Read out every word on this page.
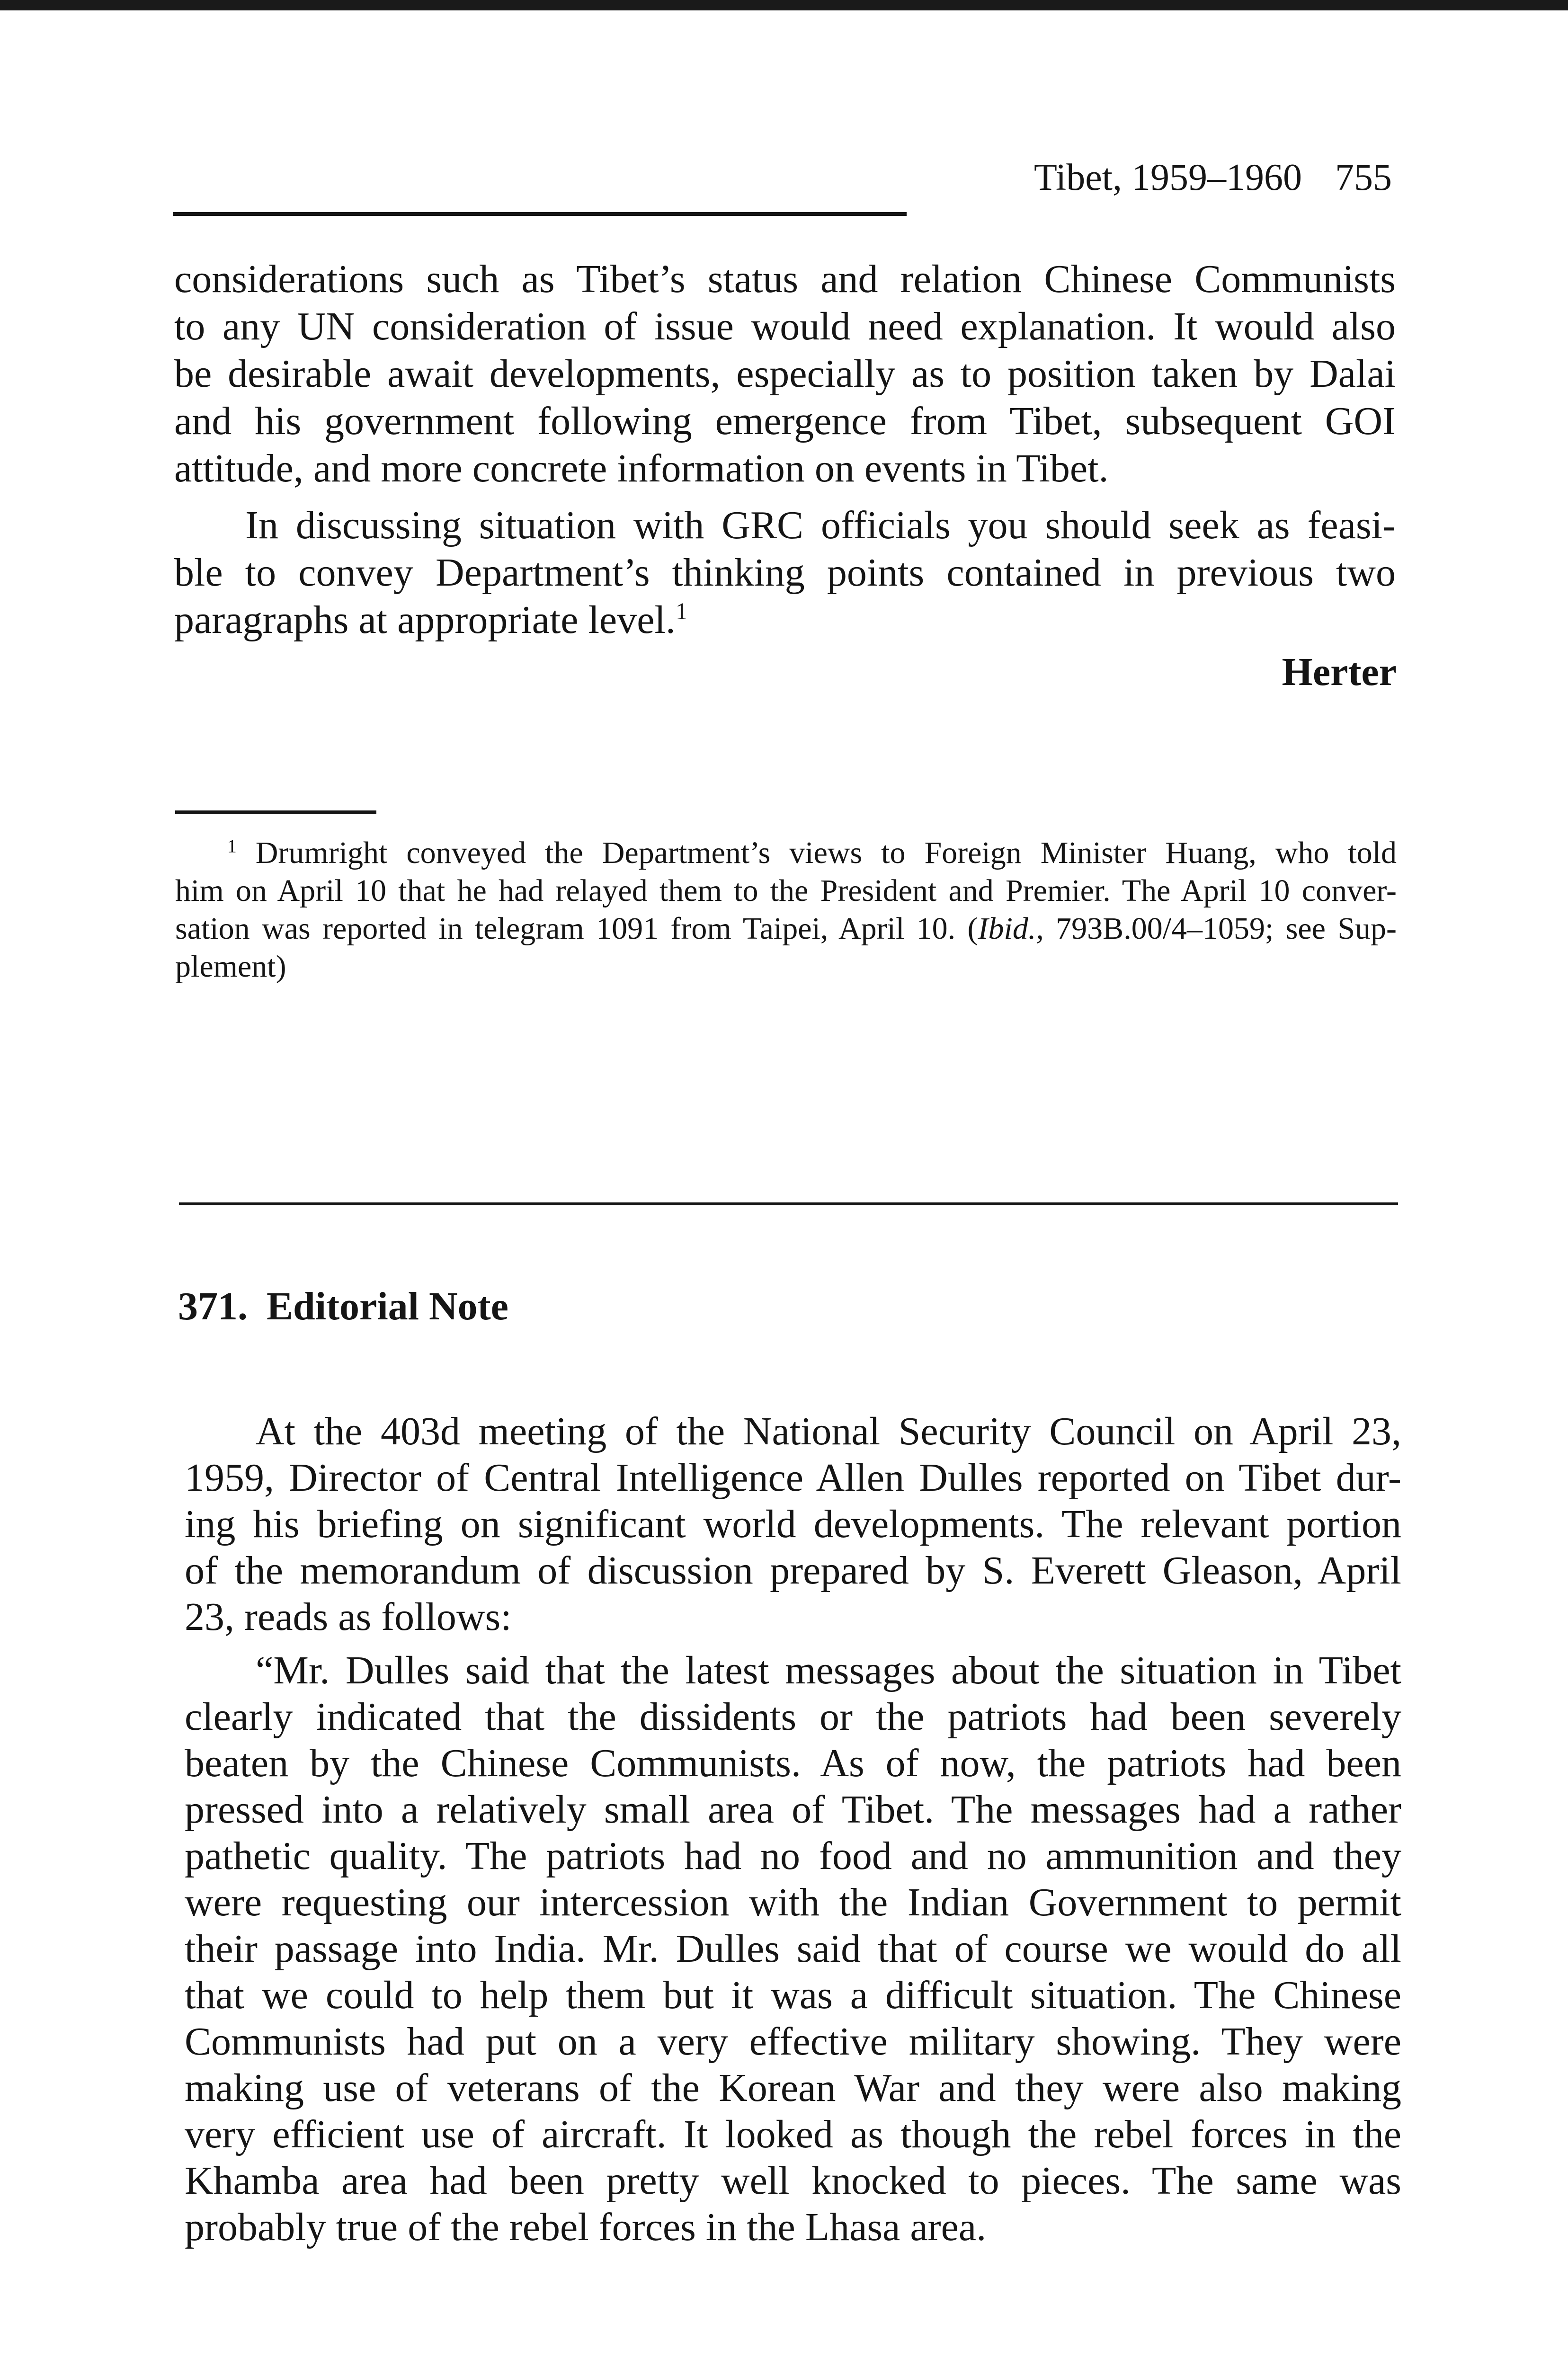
Tibet, 1959–1960 755
considerations such as Tibet’s status and relation Chinese Communists
to any UN consideration of issue would need explanation. It would also
be desirable await developments, especially as to position taken by Dalai
and his government following emergence from Tibet, subsequent GOI
attitude, and more concrete information on events in Tibet.
In discussing situation with GRC officials you should seek as feasi-
ble to convey Department’s thinking points contained in previous two
paragraphs at appropriate level.$^1$
Herter
$^1$ Drumright conveyed the Department’s views to Foreign Minister Huang, who told
him on April 10 that he had relayed them to the President and Premier. The April 10 conver-
sation was reported in telegram 1091 from Taipei, April 10. (Ibid., 793B.00/4–1059; see Sup-
plement)
371. Editorial Note
At the 403d meeting of the National Security Council on April 23,
1959, Director of Central Intelligence Allen Dulles reported on Tibet dur-
ing his briefing on significant world developments. The relevant portion
of the memorandum of discussion prepared by S. Everett Gleason, April
23, reads as follows:
“Mr. Dulles said that the latest messages about the situation in Tibet
clearly indicated that the dissidents or the patriots had been severely
beaten by the Chinese Communists. As of now, the patriots had been
pressed into a relatively small area of Tibet. The messages had a rather
pathetic quality. The patriots had no food and no ammunition and they
were requesting our intercession with the Indian Government to permit
their passage into India. Mr. Dulles said that of course we would do all
that we could to help them but it was a difficult situation. The Chinese
Communists had put on a very effective military showing. They were
making use of veterans of the Korean War and they were also making
very efficient use of aircraft. It looked as though the rebel forces in the
Khamba area had been pretty well knocked to pieces. The same was
probably true of the rebel forces in the Lhasa area.
